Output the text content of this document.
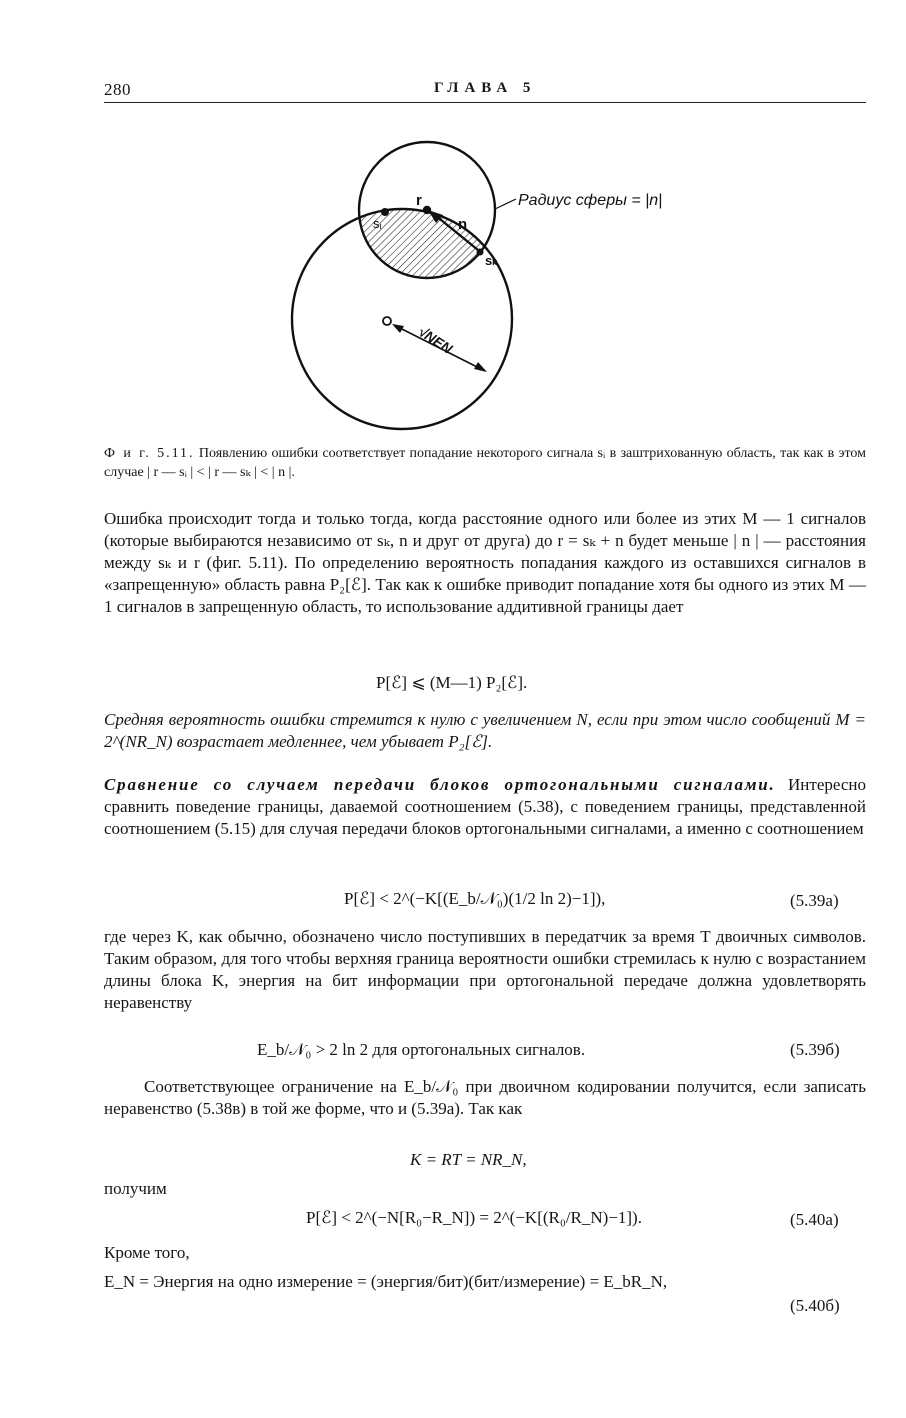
280	ГЛАВА 5
r
n
sᵢ
sₖ
Радиус сферы = |n|
√NEN
Ф и г. 5.11. Появлению ошибки соответствует попадание некоторого сигнала sᵢ в заштрихованную область, так как в этом случае | r — sᵢ | < | r — sₖ | < | n |.
Ошибка происходит тогда и только тогда, когда расстояние одного или более из этих M — 1 сигналов (которые выбираются независимо от sₖ, n и друг от друга) до r = sₖ + n будет меньше | n | — расстояния между sₖ и r (фиг. 5.11). По определению вероятность попадания каждого из оставшихся сигналов в «запрещенную» область равна P₂[ℰ]. Так как к ошибке приводит попадание хотя бы одного из этих M — 1 сигналов в запрещенную область, то использование аддитивной границы дает
P[ℰ] ⩽ (M—1) P₂[ℰ].
Средняя вероятность ошибки стремится к нулю с увеличением N, если при этом число сообщений M = 2^(NR_N) возрастает медленнее, чем убывает P₂[ℰ].
Сравнение со случаем передачи блоков ортогональными сигналами. Интересно сравнить поведение границы, даваемой соотношением (5.38), с поведением границы, представленной соотношением (5.15) для случая передачи блоков ортогональными сигналами, а именно с соотношением
P[ℰ] < 2^(−K[(E_b/𝒩₀)(1/2 ln 2)−1]),	(5.39а)
где через K, как обычно, обозначено число поступивших в передатчик за время T двоичных символов. Таким образом, для того чтобы верхняя граница вероятности ошибки стремилась к нулю с возрастанием длины блока K, энергия на бит информации при ортогональной передаче должна удовлетворять неравенству
E_b/𝒩₀ > 2 ln 2 для ортогональных сигналов.	(5.39б)
Соответствующее ограничение на E_b/𝒩₀ при двоичном кодировании получится, если записать неравенство (5.38в) в той же форме, что и (5.39а). Так как
K = RT = NR_N,
получим
P[ℰ] < 2^(−N[R₀−R_N]) = 2^(−K[(R₀/R_N)−1]).	(5.40а)
Кроме того,
E_N = Энергия на одно измерение = (энергия/бит)(бит/измерение) = E_bR_N,
(5.40б)
